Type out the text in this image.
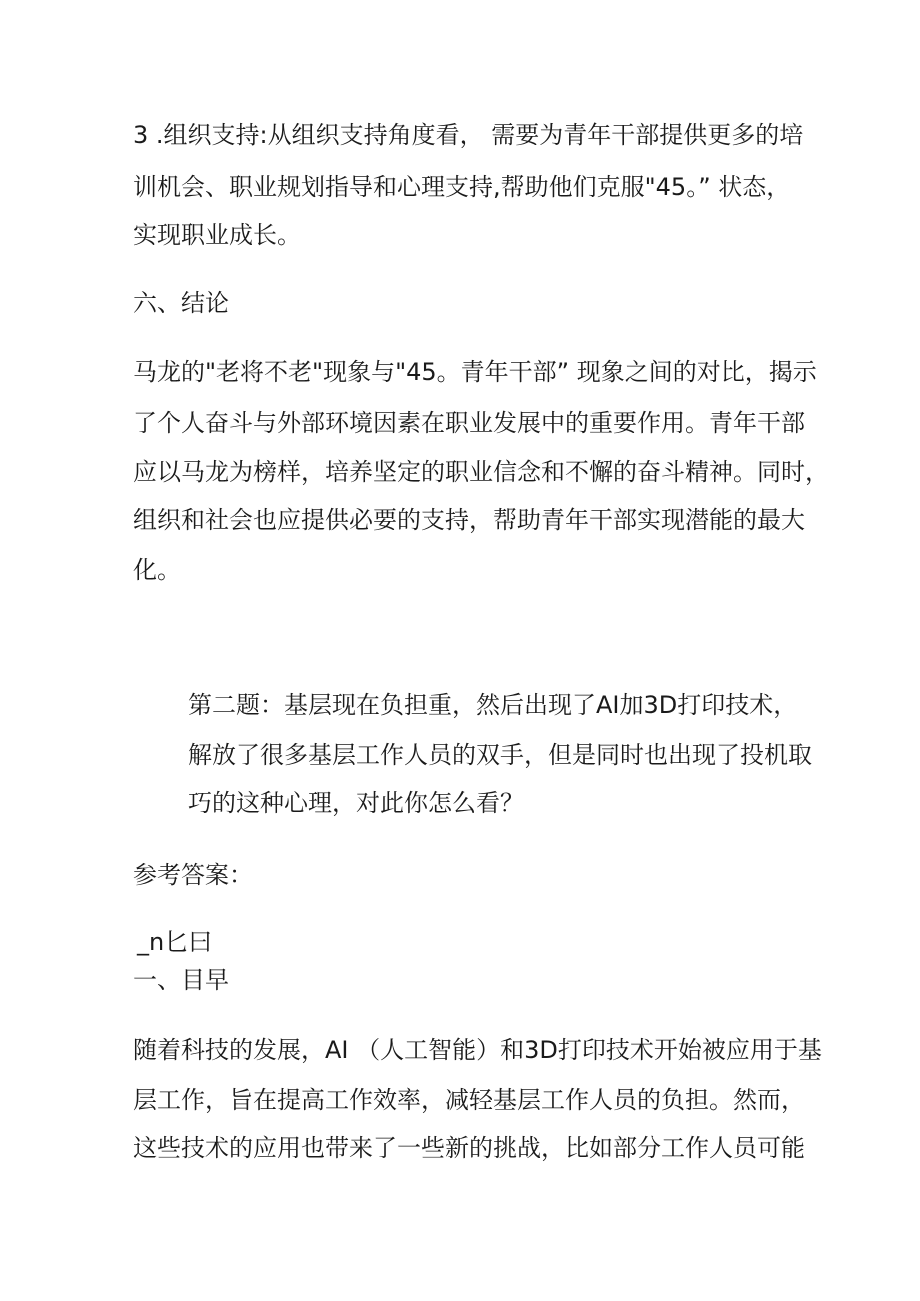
3 .组织支持:从组织支持角度看， 需要为青年干部提供更多的培
训机会、职业规划指导和心理支持,帮助他们克服"45。” 状态，
实现职业成长。
六、结论
马龙的"老将不老"现象与"45。青年干部” 现象之间的对比，揭示
了个人奋斗与外部环境因素在职业发展中的重要作用。青年干部
应以马龙为榜样，培养坚定的职业信念和不懈的奋斗精神。同时，
组织和社会也应提供必要的支持，帮助青年干部实现潜能的最大
化。
第二题：基层现在负担重，然后出现了AI加3D打印技术，
解放了很多基层工作人员的双手，但是同时也出现了投机取
巧的这种心理，对此你怎么看？
参考答案：
_n匕曰
一、目早
随着科技的发展，AI （人工智能）和3D打印技术开始被应用于基
层工作，旨在提高工作效率，减轻基层工作人员的负担。然而，
这些技术的应用也带来了一些新的挑战，比如部分工作人员可能
